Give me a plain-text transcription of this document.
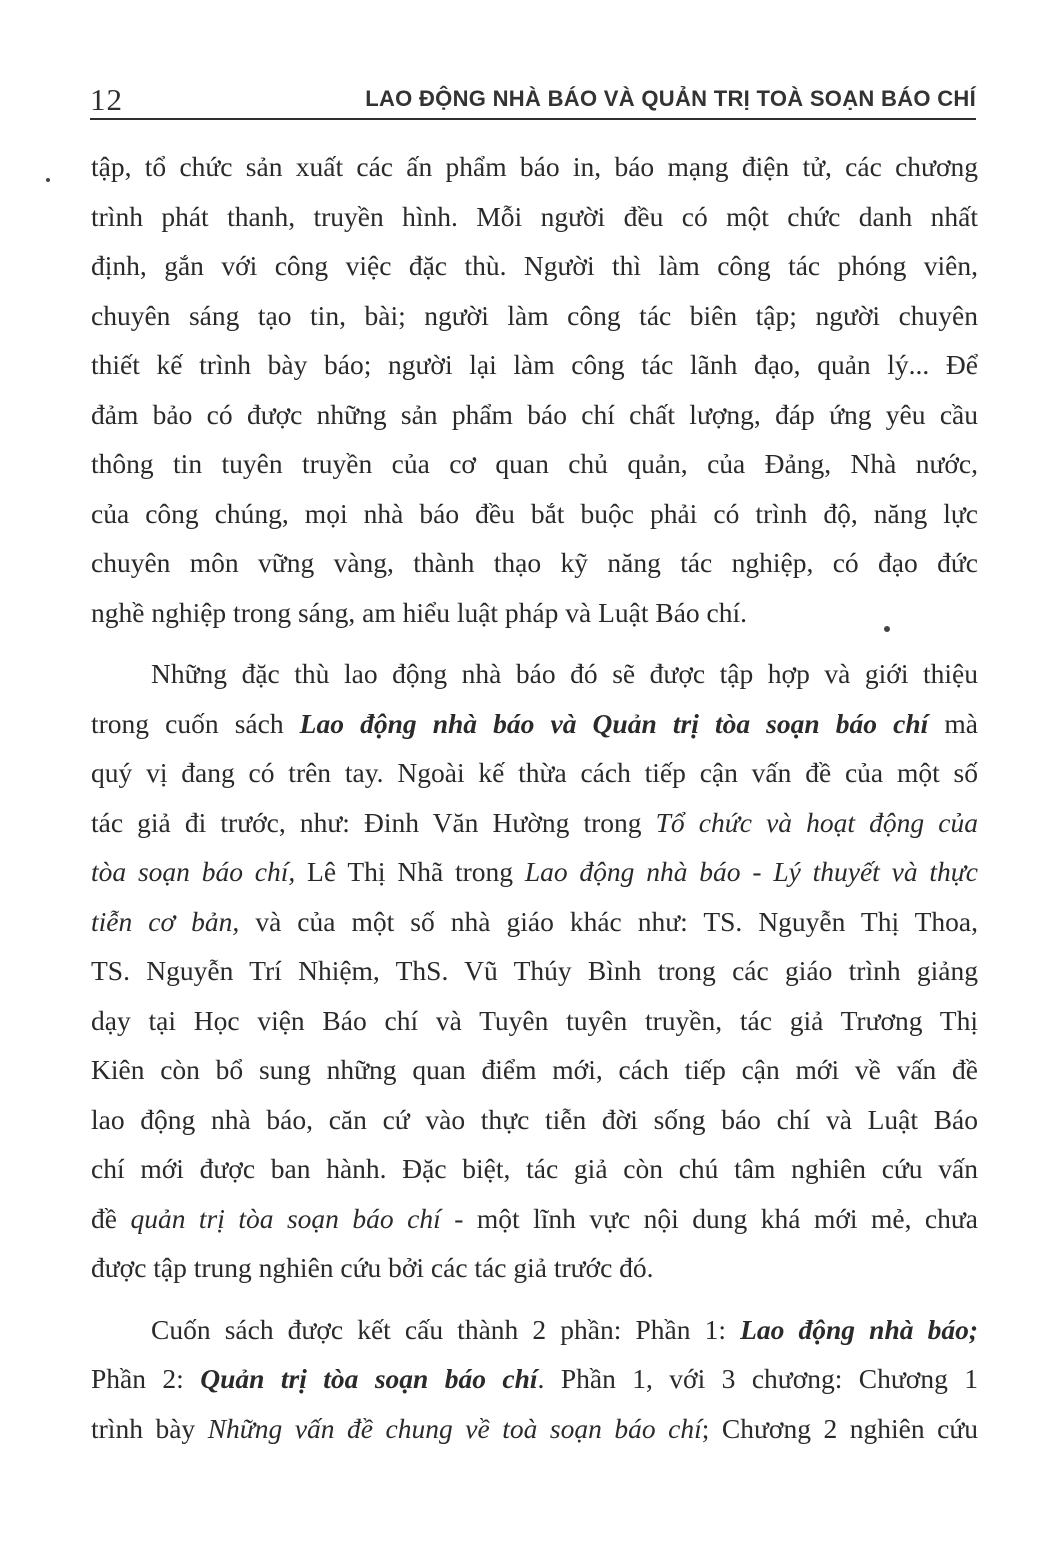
12	LAO ĐỘNG NHÀ BÁO VÀ QUẢN TRỊ TOÀ SOẠN BÁO CHÍ
tập, tổ chức sản xuất các ấn phẩm báo in, báo mạng điện tử, các chương
trình phát thanh, truyền hình. Mỗi người đều có một chức danh nhất
định, gắn với công việc đặc thù. Người thì làm công tác phóng viên,
chuyên sáng tạo tin, bài; người làm công tác biên tập; người chuyên
thiết kế trình bày báo; người lại làm công tác lãnh đạo, quản lý... Để
đảm bảo có được những sản phẩm báo chí chất lượng, đáp ứng yêu cầu
thông tin tuyên truyền của cơ quan chủ quản, của Đảng, Nhà nước,
của công chúng, mọi nhà báo đều bắt buộc phải có trình độ, năng lực
chuyên môn vững vàng, thành thạo kỹ năng tác nghiệp, có đạo đức
nghề nghiệp trong sáng, am hiểu luật pháp và Luật Báo chí.
Những đặc thù lao động nhà báo đó sẽ được tập hợp và giới thiệu
trong cuốn sách Lao động nhà báo và Quản trị tòa soạn báo chí mà
quý vị đang có trên tay. Ngoài kế thừa cách tiếp cận vấn đề của một số
tác giả đi trước, như: Đinh Văn Hường trong Tổ chức và hoạt động của
tòa soạn báo chí, Lê Thị Nhã trong Lao động nhà báo - Lý thuyết và thực
tiễn cơ bản, và của một số nhà giáo khác như: TS. Nguyễn Thị Thoa,
TS. Nguyễn Trí Nhiệm, ThS. Vũ Thúy Bình trong các giáo trình giảng
dạy tại Học viện Báo chí và Tuyên tuyên truyền, tác giả Trương Thị
Kiên còn bổ sung những quan điểm mới, cách tiếp cận mới về vấn đề
lao động nhà báo, căn cứ vào thực tiễn đời sống báo chí và Luật Báo
chí mới được ban hành. Đặc biệt, tác giả còn chú tâm nghiên cứu vấn
đề quản trị tòa soạn báo chí - một lĩnh vực nội dung khá mới mẻ, chưa
được tập trung nghiên cứu bởi các tác giả trước đó.
Cuốn sách được kết cấu thành 2 phần: Phần 1: Lao động nhà báo;
Phần 2: Quản trị tòa soạn báo chí. Phần 1, với 3 chương: Chương 1
trình bày Những vấn đề chung về toà soạn báo chí; Chương 2 nghiên cứu
